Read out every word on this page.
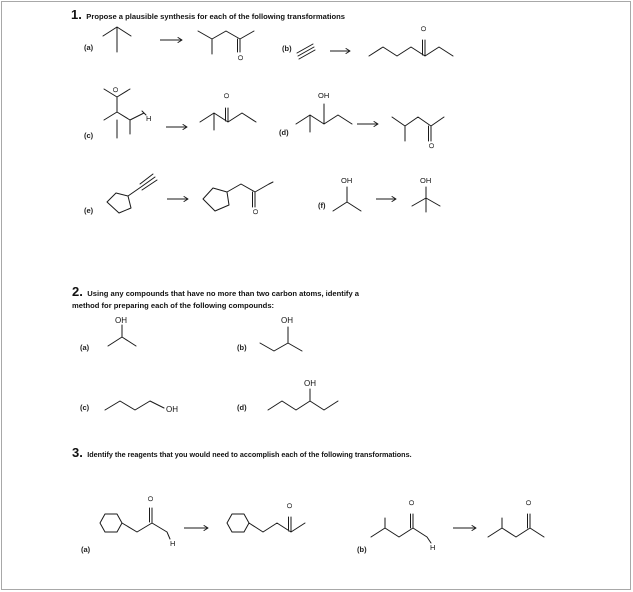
1. Propose a plausible synthesis for each of the following transformations
(a)	(b)
(c)	(d)
(e)
(f)
2. Using any compounds that have no more than two carbon atoms, identify a
method for preparing each of the following compounds:
(a)	(b)
(c)	(d)
3. Identify the reagents that you would need to accomplish each of the following transformations.
(a)	(b)
O
O
H
O
O	OH
O
O
OH	OH
OH	OH
OH
OH
H
O
O
H
O	O
